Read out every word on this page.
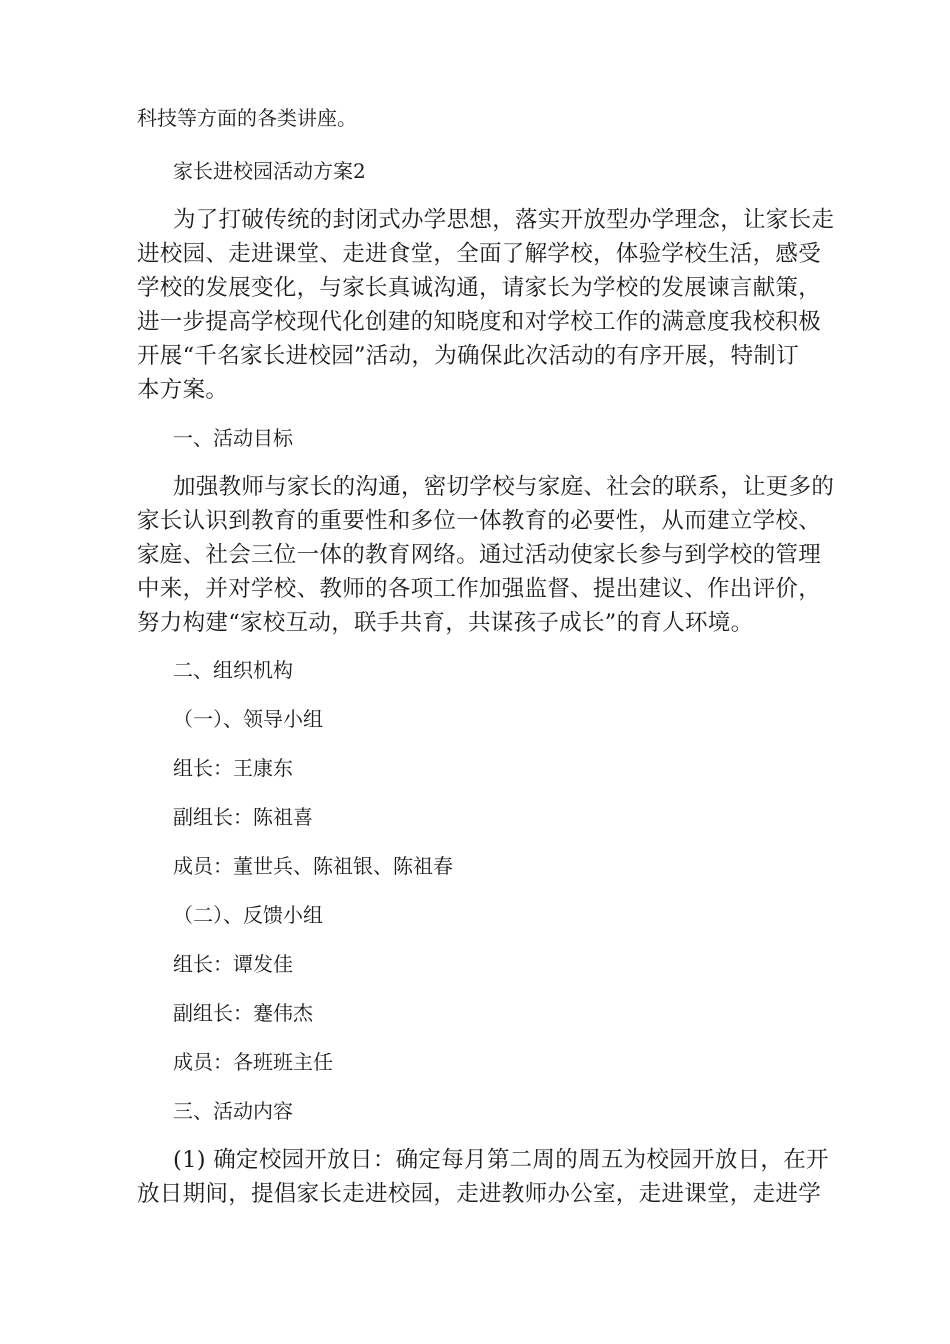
科技等方面的各类讲座。
家长进校园活动方案2
为了打破传统的封闭式办学思想，落实开放型办学理念，让家长走
进校园、走进课堂、走进食堂，全面了解学校，体验学校生活，感受
学校的发展变化，与家长真诚沟通，请家长为学校的发展谏言献策，
进一步提高学校现代化创建的知晓度和对学校工作的满意度我校积极
开展“千名家长进校园”活动，为确保此次活动的有序开展，特制订
本方案。
一、活动目标
加强教师与家长的沟通，密切学校与家庭、社会的联系，让更多的
家长认识到教育的重要性和多位一体教育的必要性，从而建立学校、
家庭、社会三位一体的教育网络。通过活动使家长参与到学校的管理
中来，并对学校、教师的各项工作加强监督、提出建议、作出评价，
努力构建“家校互动，联手共育，共谋孩子成长”的育人环境。
二、组织机构
（一）、领导小组
组长：王康东
副组长：陈祖喜
成员：董世兵、陈祖银、陈祖春
（二）、反馈小组
组长：谭发佳
副组长：蹇伟杰
成员：各班班主任
三、活动内容
(1) 确定校园开放日：确定每月第二周的周五为校园开放日，在开
放日期间，提倡家长走进校园，走进教师办公室，走进课堂，走进学
